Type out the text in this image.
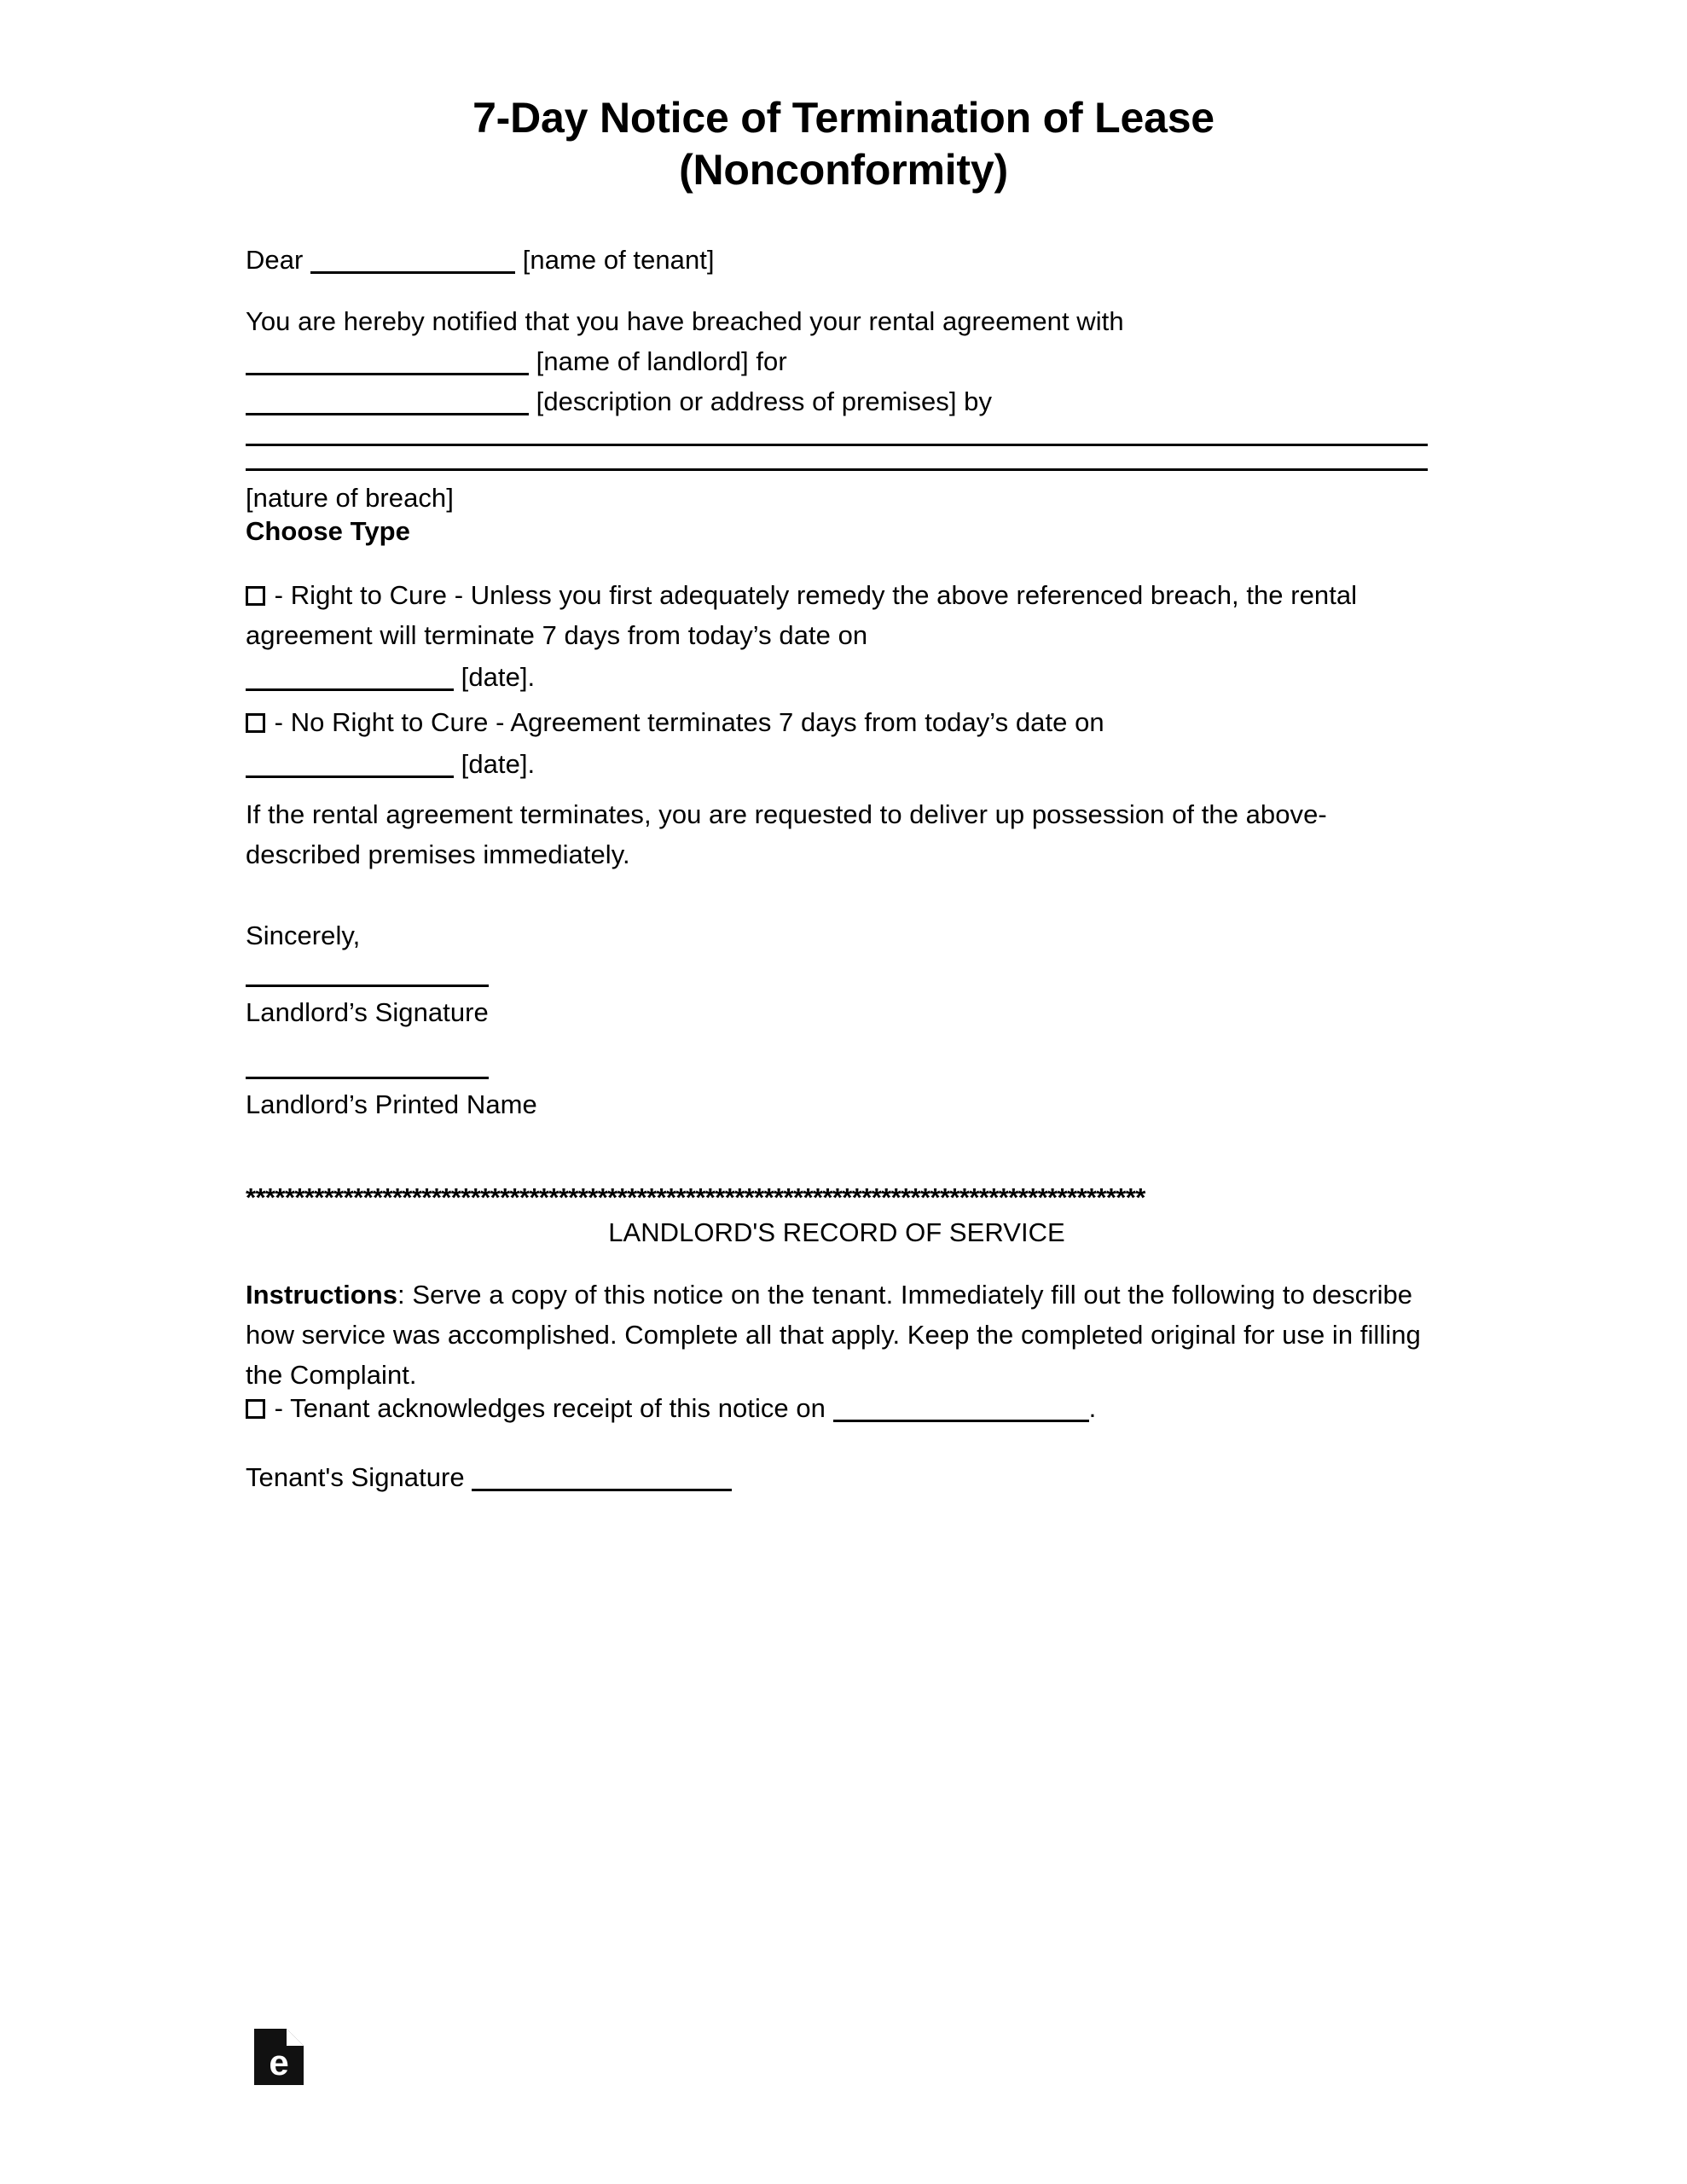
7-Day Notice of Termination of Lease
(Nonconformity)
Dear	[name of tenant]
You are hereby notified that you have breached your rental agreement with
[name of landlord] for
[description or address of premises] by
[nature of breach]
Choose Type
- Right to Cure - Unless you first adequately remedy the above referenced breach, the rental agreement will terminate 7 days from today’s date on
[date].
- No Right to Cure - Agreement terminates 7 days from today’s date on
[date].
If the rental agreement terminates, you are requested to deliver up possession of the above-described premises immediately.
Sincerely,
Landlord’s Signature
Landlord’s Printed Name
********************************************************************************************
LANDLORD'S RECORD OF SERVICE
Instructions: Serve a copy of this notice on the tenant. Immediately fill out the following to describe how service was accomplished. Complete all that apply. Keep the completed original for use in filling the Complaint.
- Tenant acknowledges receipt of this notice on	.
Tenant's Signature
e
